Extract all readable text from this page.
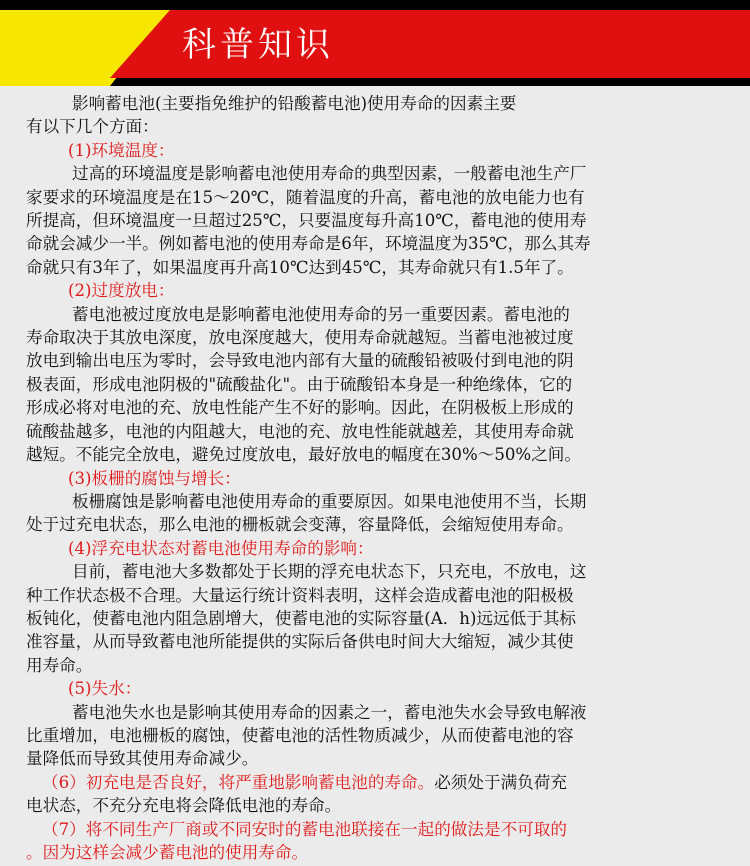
科普知识

影响蓄电池(主要指免维护的铅酸蓄电池)使用寿命的因素主要

有以下几个方面：

(1)环境温度：

过高的环境温度是影响蓄电池使用寿命的典型因素，一般蓄电池生产厂

家要求的环境温度是在15～20℃，随着温度的升高，蓄电池的放电能力也有

所提高，但环境温度一旦超过25℃，只要温度每升高10℃，蓄电池的使用寿

命就会减少一半。例如蓄电池的使用寿命是6年，环境温度为35℃，那么其寿

命就只有3年了，如果温度再升高10℃达到45℃，其寿命就只有1.5年了。

(2)过度放电：

蓄电池被过度放电是影响蓄电池使用寿命的另一重要因素。蓄电池的

寿命取决于其放电深度，放电深度越大，使用寿命就越短。当蓄电池被过度

放电到输出电压为零时，会导致电池内部有大量的硫酸铅被吸付到电池的阴

极表面，形成电池阴极的"硫酸盐化"。由于硫酸铅本身是一种绝缘体，它的

形成必将对电池的充、放电性能产生不好的影响。因此，在阴极板上形成的

硫酸盐越多，电池的内阻越大，电池的充、放电性能就越差，其使用寿命就

越短。不能完全放电，避免过度放电，最好放电的幅度在30%～50%之间。

(3)板栅的腐蚀与增长：

板栅腐蚀是影响蓄电池使用寿命的重要原因。如果电池使用不当，长期

处于过充电状态，那么电池的栅板就会变薄，容量降低，会缩短使用寿命。

(4)浮充电状态对蓄电池使用寿命的影响：

目前，蓄电池大多数都处于长期的浮充电状态下，只充电，不放电，这

种工作状态极不合理。大量运行统计资料表明，这样会造成蓄电池的阳极极

板钝化，使蓄电池内阻急剧增大，使蓄电池的实际容量(A．h)远远低于其标

准容量，从而导致蓄电池所能提供的实际后备供电时间大大缩短，减少其使

用寿命。

(5)失水：

蓄电池失水也是影响其使用寿命的因素之一，蓄电池失水会导致电解液

比重增加，电池栅板的腐蚀，使蓄电池的活性物质减少，从而使蓄电池的容

量降低而导致其使用寿命减少。

（6）初充电是否良好，将严重地影响蓄电池的寿命。必须处于满负荷充

电状态，不充分充电将会降低电池的寿命。

（7）将不同生产厂商或不同安时的蓄电池联接在一起的做法是不可取的

。因为这样会减少蓄电池的使用寿命。
